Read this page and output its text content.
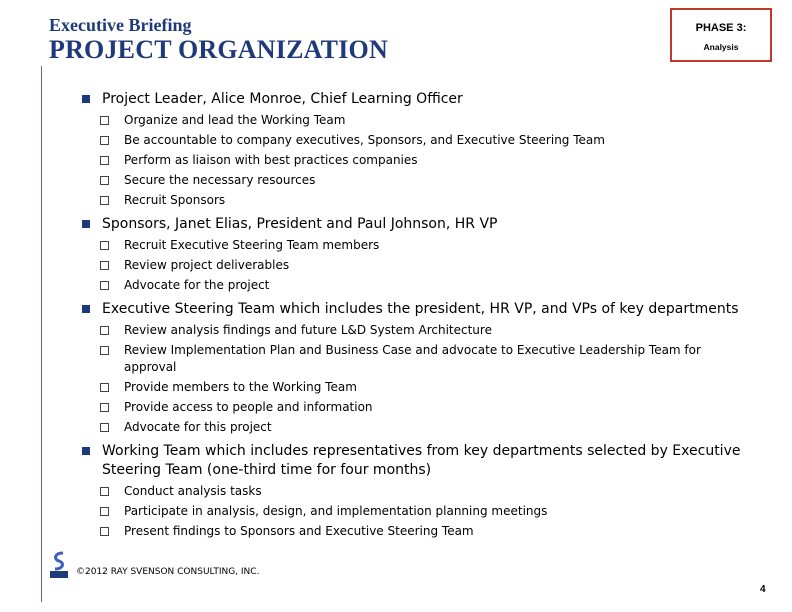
Executive Briefing
PROJECT ORGANIZATION
PHASE 3:
Analysis
Project Leader, Alice Monroe, Chief Learning Officer
Organize and lead the Working Team
Be accountable to company executives, Sponsors, and Executive Steering Team
Perform as liaison with best practices companies
Secure the necessary resources
Recruit Sponsors
Sponsors, Janet Elias, President and Paul Johnson, HR VP
Recruit Executive Steering Team members
Review project deliverables
Advocate for the project
Executive Steering Team which includes the president, HR VP, and VPs of key departments
Review analysis findings and future L&D System Architecture
Review Implementation Plan and Business Case and advocate to Executive Leadership Team for approval
Provide members to the Working Team
Provide access to people and information
Advocate for this project
Working Team which includes representatives from key departments selected by Executive Steering Team (one-third time for four months)
Conduct analysis tasks
Participate in analysis, design, and implementation planning meetings
Present findings to Sponsors and Executive Steering Team
©2012 RAY SVENSON CONSULTING, INC.
4
